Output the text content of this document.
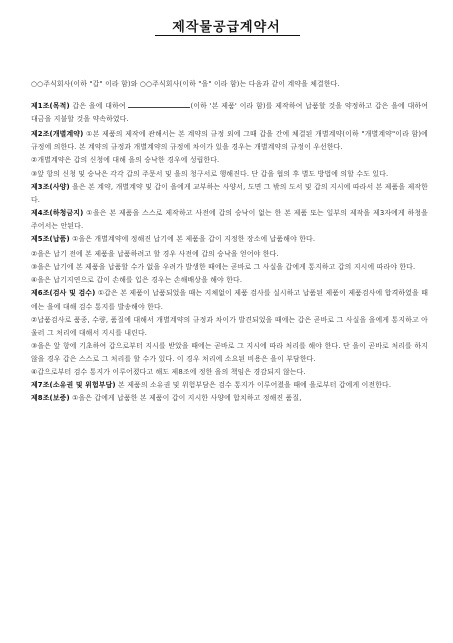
제작물공급계약서

○○주식회사(이하 "갑" 이라 함)와 ○○주식회사(이하 "을" 이라 함)는 다음과 같이 계약을 체결한다.

제1조(목적) 갑은 을에 대하여	(이하 '본 제품' 이라 함)를 제작하여 납품할 것을 약정하고 갑은 을에 대하여 대금을 지불할 것을 약속하였다.

제2조(개별계약) ①본 제품의 제작에 관해서는 본 계약의 규정 외에 그때 갑을 간에 체결된 개별계약(이하 "개별계약"이라 함)에 규정에 의한다. 본 계약의 규정과 개별계약의 규정에 차이가 있을 경우는 개별계약의 규정이 우선한다.

②개별계약은 갑의 신청에 대해 을의 승낙한 경우에 성립한다.

③앞 항의 신청 및 승낙은 각각 갑의 주문서 및 을의 청구서로 행해진다. 단 갑을 협의 후 별도 방법에 의할 수도 있다.

제3조(사양) 을은 본 계약, 개별계약 및 갑이 을에게 교부하는 사양서, 도면 그 밖의 도서 및 갑의 지시에 따라서 본 제품을 제작한다.

제4조(하청금지) ①을은 본 제품을 스스로 제작하고 사전에 갑의 승낙이 없는 한 본 제품 또는 일부의 제작을 제3자에게 하청을 주어서는 안된다.

제5조(납품) ①을은 개별계약에 정해진 납기에 본 제품을 갑이 지정한 장소에 납품해야 한다.

②을은 납기 전에 본 제품을 납품하려고 할 경우 사전에 갑의 승낙을 얻어야 한다.

③을은 납기에 본 제품을 납품할 수가 없을 우려가 발생한 때에는 곧바로 그 사실을 갑에게 통지하고 갑의 지시에 따라야 한다.

④을은 납기지연으로 갑이 손해를 입은 경우는 손해배상을 해야 한다.

제6조(검사 및 검수) ①갑은 본 제품이 납품되었을 때는 지체없이 제품 검사를 실시하고 납품된 제품이 제품검사에 합격하였을 때에는 을에 대해 검수 통지를 발송해야 한다.

②납품검사로 품종, 수량, 품질에 대해서 개별계약의 규정과 차이가 발견되었을 때에는 갑은 곧바로 그 사실을 을에게 통지하고 아울러 그 처리에 대해서 지시를 내린다.

③을은 앞 항에 기초하여 갑으로부터 지시를 받았을 때에는 곧바로 그 지시에 따라 처리를 해야 한다. 단 을이 곧바로 처리를 하지 않을 경우 갑은 스스로 그 처리를 할 수가 있다. 이 경우 처리에 소요된 비용은 을이 부담한다.

④갑으로부터 검수 통지가 이루어졌다고 해도 제8조에 정한 을의 책임은 경감되지 않는다.

제7조(소유권 및 위험부담) 본 제품의 소유권 및 위험부담은 검수 통지가 이루어졌을 때에 을로부터 갑에게 이전한다.

제8조(보증) ①을은 갑에게 납품한 본 제품이 갑이 지시한 사양에 합치하고 정해진 품질,
